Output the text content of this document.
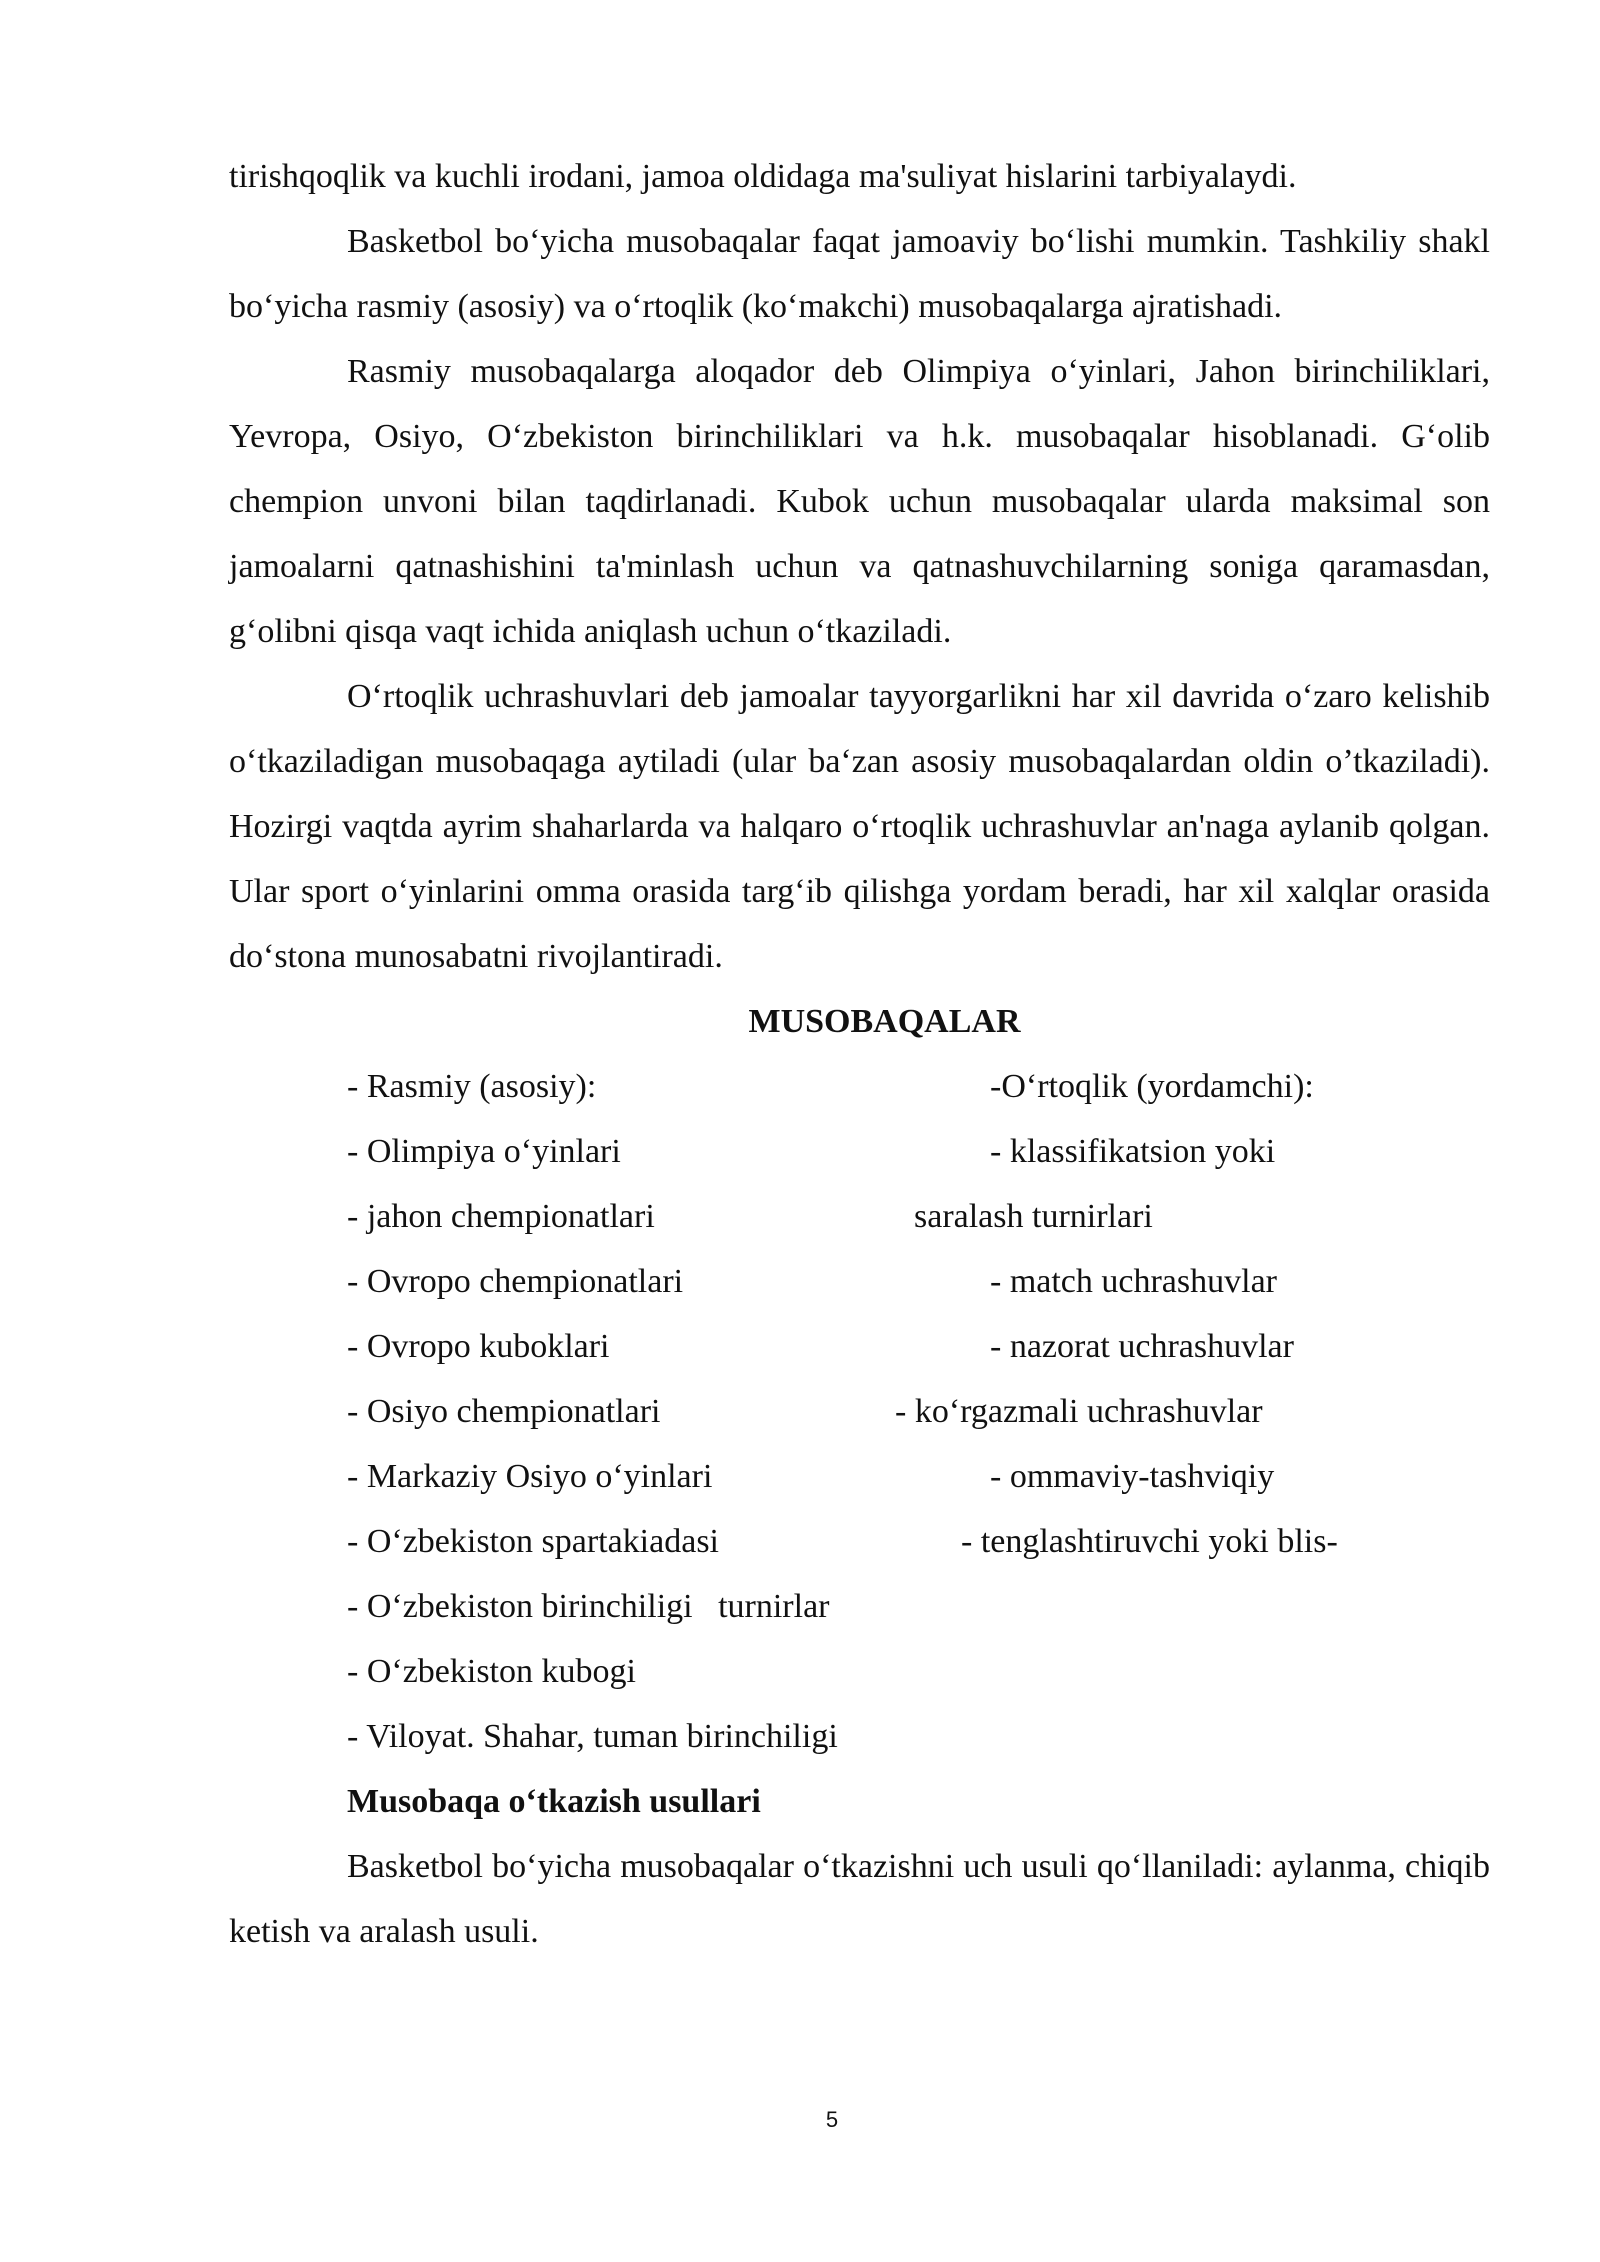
tirishqoqlik va kuchli irodani, jamoa oldidaga ma'suliyat hislarini tarbiyalaydi.

Basketbol bo‘yicha musobaqalar faqat jamoaviy bo‘lishi mumkin. Tashkiliy shakl bo‘yicha rasmiy (asosiy) va o‘rtoqlik (ko‘makchi) musobaqalarga ajratishadi.

Rasmiy musobaqalarga aloqador deb Olimpiya o‘yinlari, Jahon birinchiliklari, Yevropa, Osiyo, O‘zbekiston birinchiliklari va h.k. musobaqalar hisoblanadi. G‘olib chempion unvoni bilan taqdirlanadi. Kubok uchun musobaqalar ularda maksimal son jamoalarni qatnashishini ta'minlash uchun va qatnashuvchilarning soniga qaramasdan, g‘olibni qisqa vaqt ichida aniqlash uchun o‘tkaziladi.

O‘rtoqlik uchrashuvlari deb jamoalar tayyorgarlikni har xil davrida o‘zaro kelishib o‘tkaziladigan musobaqaga aytiladi (ular ba‘zan asosiy musobaqalardan oldin o’tkaziladi). Hozirgi vaqtda ayrim shaharlarda va halqaro o‘rtoqlik uchrashuvlar an'naga aylanib qolgan. Ular sport o‘yinlarini omma orasida targ‘ib qilishga yordam beradi, har xil xalqlar orasida do‘stona munosabatni rivojlantiradi.

MUSOBAQALAR

- Rasmiy (asosiy):
- Olimpiya o‘yinlari
- jahon chempionatlari
- Ovropo chempionatlari
- Ovropo kuboklari
- Osiyo chempionatlari
- Markaziy Osiyo o‘yinlari
- O‘zbekiston spartakiadasi
- O‘zbekiston birinchiligi   turnirlar
- O‘zbekiston kubogi
- Viloyat. Shahar, tuman birinchiligi
-O‘rtoqlik (yordamchi):
- klassifikatsion yoki
saralash turnirlari
- match uchrashuvlar
- nazorat uchrashuvlar
- ko‘rgazmali uchrashuvlar
- ommaviy-tashviqiy
- tenglashtiruvchi yoki blis-

Musobaqa o‘tkazish usullari

Basketbol bo‘yicha musobaqalar o‘tkazishni uch usuli qo‘llaniladi: aylanma, chiqib ketish va aralash usuli.

5
